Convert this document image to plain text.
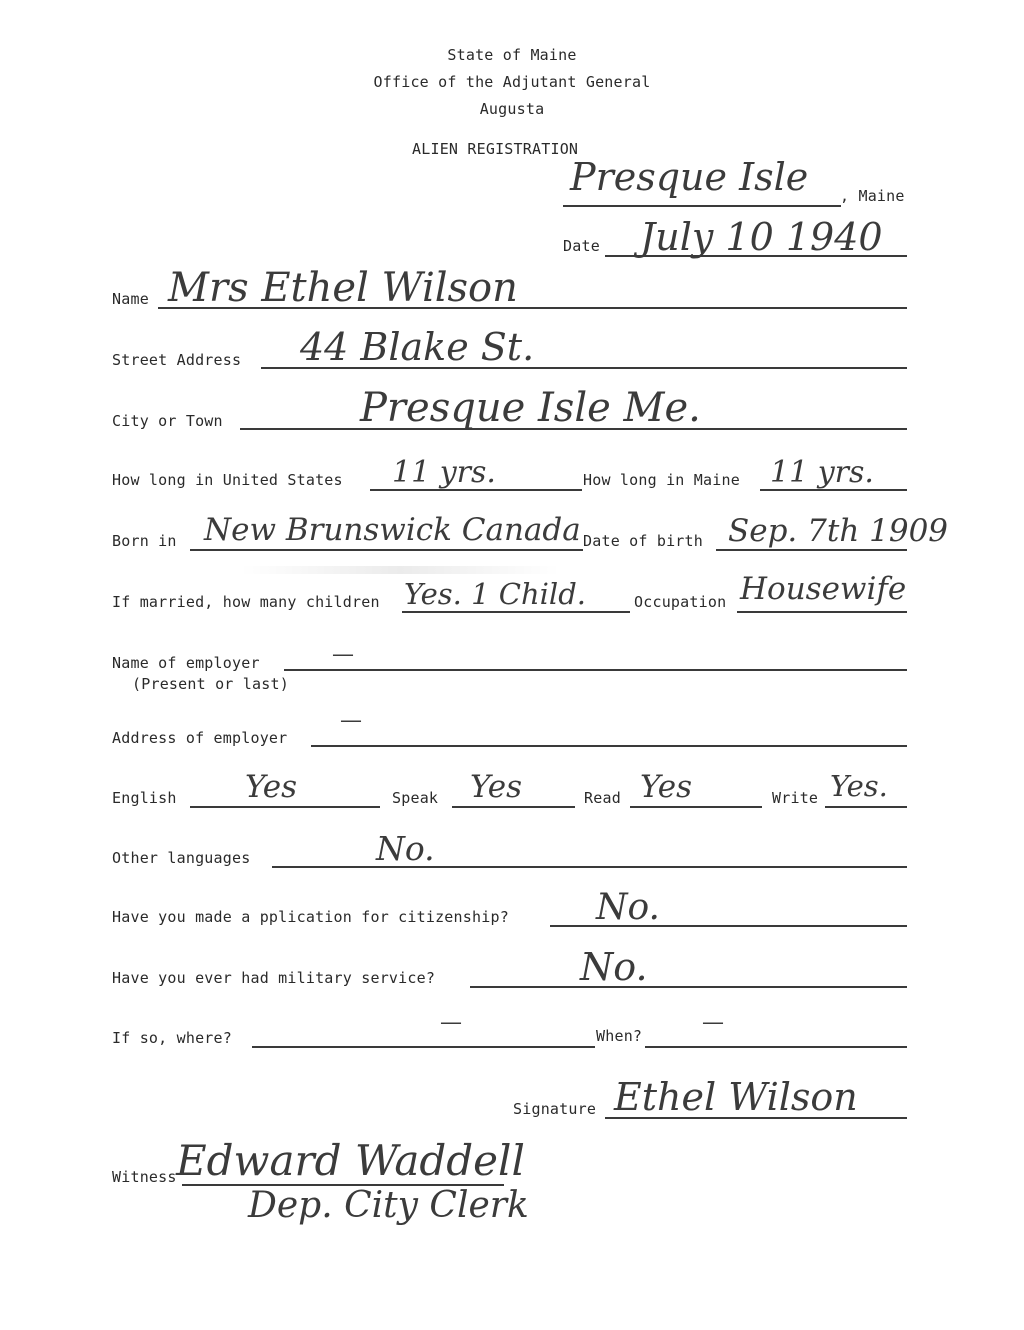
State of Maine
Office of the Adjutant General
Augusta
ALIEN REGISTRATION
Presque Isle , Maine
Date July 10 1940
Name Mrs Ethel Wilson
Street Address 44 Blake St.
City or Town	Presque Isle Me.
How long in United States 11 yrs.	How long in Maine 11 yrs.
Born in New Brunswick Canada Date of birth Sep. 7th 1909
If married, how many children Yes. 1 Child.	Occupation Housewife
Name of employer
(Present or last)
—
Address of employer
—
English Yes	Speak Yes	Read Yes	Write Yes.
Other languages	No.
Have you made a pplication for citizenship? No.
Have you ever had military service?	No.
If so, where?
—
When?
—
Signature Ethel Wilson
Witness Edward Waddell
Dep. City Clerk
